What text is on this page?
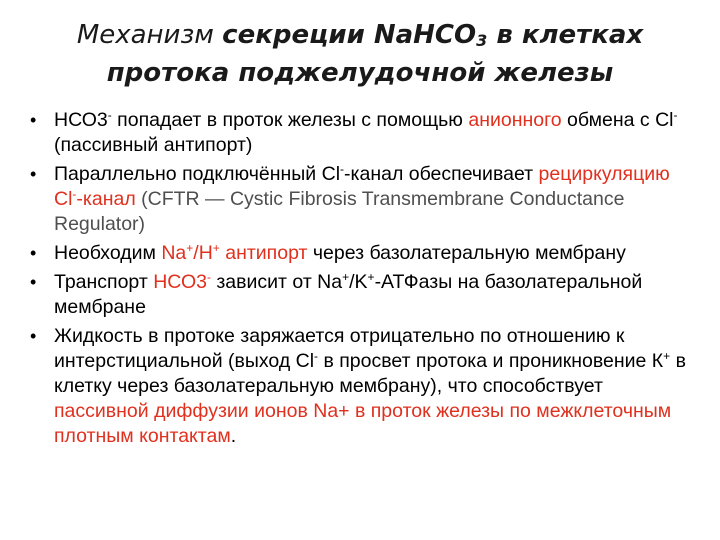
Механизм секреции NaHCO$_3$ в клетках
протока поджелудочной железы
• НСО3- попадает в проток железы с помощью анионного обмена с Cl- (пассивный антипорт)
• Параллельно подключённый Cl--канал обеспечивает рециркуляцию Cl--канал (CFTR — Cystic Fibrosis Transmembrane Conductance Regulator)
• Необходим Na+/H+ антипорт через базолатеральную мембрану
• Транспорт НСО3- зависит от Na+/K+-АТФазы на базолатеральной мембране
• Жидкость в протоке заряжается отрицательно по отношению к интерстициальной (выход Cl- в просвет протока и проникновение К+ в клетку через базолатеральную мембрану), что способствует пассивной диффузии ионов Na+ в проток железы по межклеточным плотным контактам.
